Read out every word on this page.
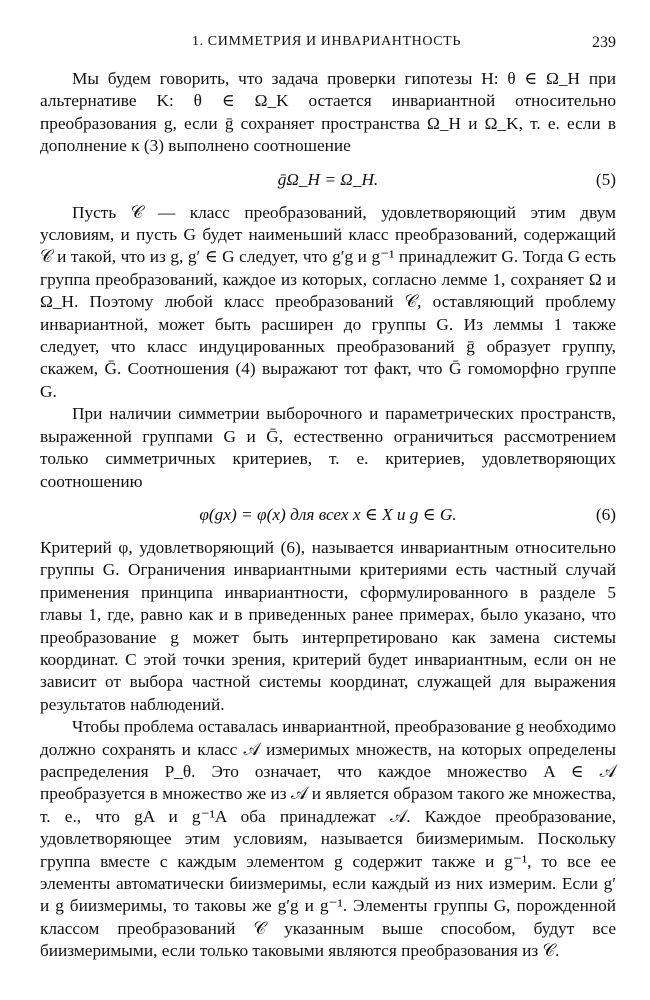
1. СИММЕТРИЯ И ИНВАРИАНТНОСТЬ	239

Мы будем говорить, что задача проверки гипотезы H: θ ∈ Ω_H при альтернативе K: θ ∈ Ω_K остается инвариантной относительно преобразования g, если ḡ сохраняет пространства Ω_H и Ω_K, т. е. если в дополнение к (3) выполнено соотношение

ḡΩ_H = Ω_H.	(5)

Пусть 𝒞 — класс преобразований, удовлетворяющий этим двум условиям, и пусть G будет наименьший класс преобразований, содержащий 𝒞 и такой, что из g, g′ ∈ G следует, что g′g и g⁻¹ принадлежит G. Тогда G есть группа преобразований, каждое из которых, согласно лемме 1, сохраняет Ω и Ω_H. Поэтому любой класс преобразований 𝒞, оставляющий проблему инвариантной, может быть расширен до группы G. Из леммы 1 также следует, что класс индуцированных преобразований ḡ образует группу, скажем, Ḡ. Соотношения (4) выражают тот факт, что Ḡ гомоморфно группе G.

При наличии симметрии выборочного и параметрических пространств, выраженной группами G и Ḡ, естественно ограничиться рассмотрением только симметричных критериев, т. е. критериев, удовлетворяющих соотношению

φ(gx) = φ(x) для всех x ∈ X и g ∈ G.	(6)

Критерий φ, удовлетворяющий (6), называется инвариантным относительно группы G. Ограничения инвариантными критериями есть частный случай применения принципа инвариантности, сформулированного в разделе 5 главы 1, где, равно как и в приведенных ранее примерах, было указано, что преобразование g может быть интерпретировано как замена системы координат. С этой точки зрения, критерий будет инвариантным, если он не зависит от выбора частной системы координат, служащей для выражения результатов наблюдений.

Чтобы проблема оставалась инвариантной, преобразование g необходимо должно сохранять и класс 𝒜 измеримых множеств, на которых определены распределения P_θ. Это означает, что каждое множество A ∈ 𝒜 преобразуется в множество же из 𝒜 и является образом такого же множества, т. е., что gA и g⁻¹A оба принадлежат 𝒜. Каждое преобразование, удовлетворяющее этим условиям, называется биизмеримым. Поскольку группа вместе с каждым элементом g содержит также и g⁻¹, то все ее элементы автоматически биизмеримы, если каждый из них измерим. Если g′ и g биизмеримы, то таковы же g′g и g⁻¹. Элементы группы G, порожденной классом преобразований 𝒞 указанным выше способом, будут все биизмеримыми, если только таковыми являются преобразования из 𝒞.
